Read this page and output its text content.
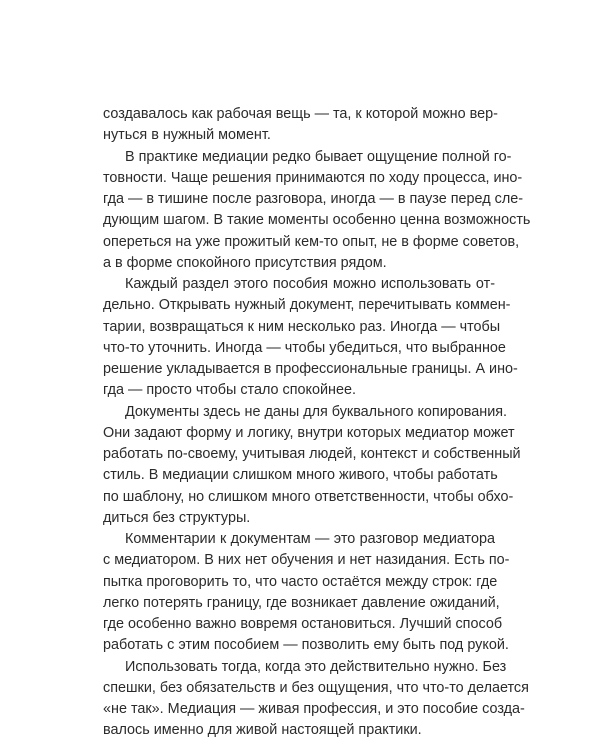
создавалось как рабочая вещь — та, к которой можно вер-
нуться в нужный момент.
В практике медиации редко бывает ощущение полной го-
товности. Чаще решения принимаются по ходу процесса, ино-
гда — в тишине после разговора, иногда — в паузе перед сле-
дующим шагом. В такие моменты особенно ценна возможность
опереться на уже прожитый кем-то опыт, не в форме советов,
а в форме спокойного присутствия рядом.
Каждый раздел этого пособия можно использовать от-
дельно. Открывать нужный документ, перечитывать коммен-
тарии, возвращаться к ним несколько раз. Иногда — чтобы
что-то уточнить. Иногда — чтобы убедиться, что выбранное
решение укладывается в профессиональные границы. А ино-
гда — просто чтобы стало спокойнее.
Документы здесь не даны для буквального копирования.
Они задают форму и логику, внутри которых медиатор может
работать по-своему, учитывая людей, контекст и собственный
стиль. В медиации слишком много живого, чтобы работать
по шаблону, но слишком много ответственности, чтобы обхо-
диться без структуры.
Комментарии к документам — это разговор медиатора
с медиатором. В них нет обучения и нет назидания. Есть по-
пытка проговорить то, что часто остаётся между строк: где
легко потерять границу, где возникает давление ожиданий,
где особенно важно вовремя остановиться. Лучший способ
работать с этим пособием — позволить ему быть под рукой.
Использовать тогда, когда это действительно нужно. Без
спешки, без обязательств и без ощущения, что что-то делается
«не так». Медиация — живая профессия, и это пособие созда-
валось именно для живой настоящей практики.
